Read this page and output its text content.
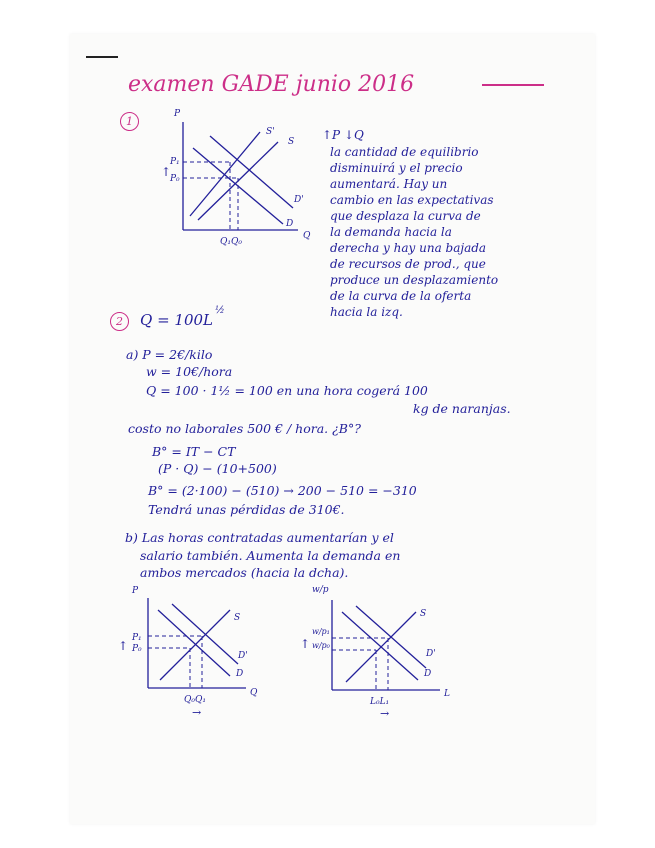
examen GADE junio 2016
1
P
Q
↑
P₁
P₀
S'
S
D'
D
Q₁Q₀
↑P ↓Q
la cantidad de equilibrio
disminuirá y el precio
aumentará. Hay un
cambio en las expectativas
que desplaza la curva de
la demanda hacia la
derecha y hay una bajada
de recursos de prod., que
produce un desplazamiento
de la curva de la oferta
hacia la izq.
2	Q = 100L
½
a) P = 2€/kilo
w = 10€/hora
Q = 100 · 1½ = 100 en una hora cogerá 100
kg de naranjas.
costo no laborales 500 € / hora. ¿B°?
B° = IT − CT
(P · Q) − (10+500)
B° = (2·100) − (510) → 200 − 510 = −310
Tendrá unas pérdidas de 310€.
b) Las horas contratadas aumentarían y el
salario también. Aumenta la demanda en
ambos mercados (hacia la dcha).
P
Q
↑
P₁
P₀
S
D'
D
Q₀Q₁
→
w/p
L
↑
w/p₁
w/p₀
S
D'
D
L₀L₁
→
